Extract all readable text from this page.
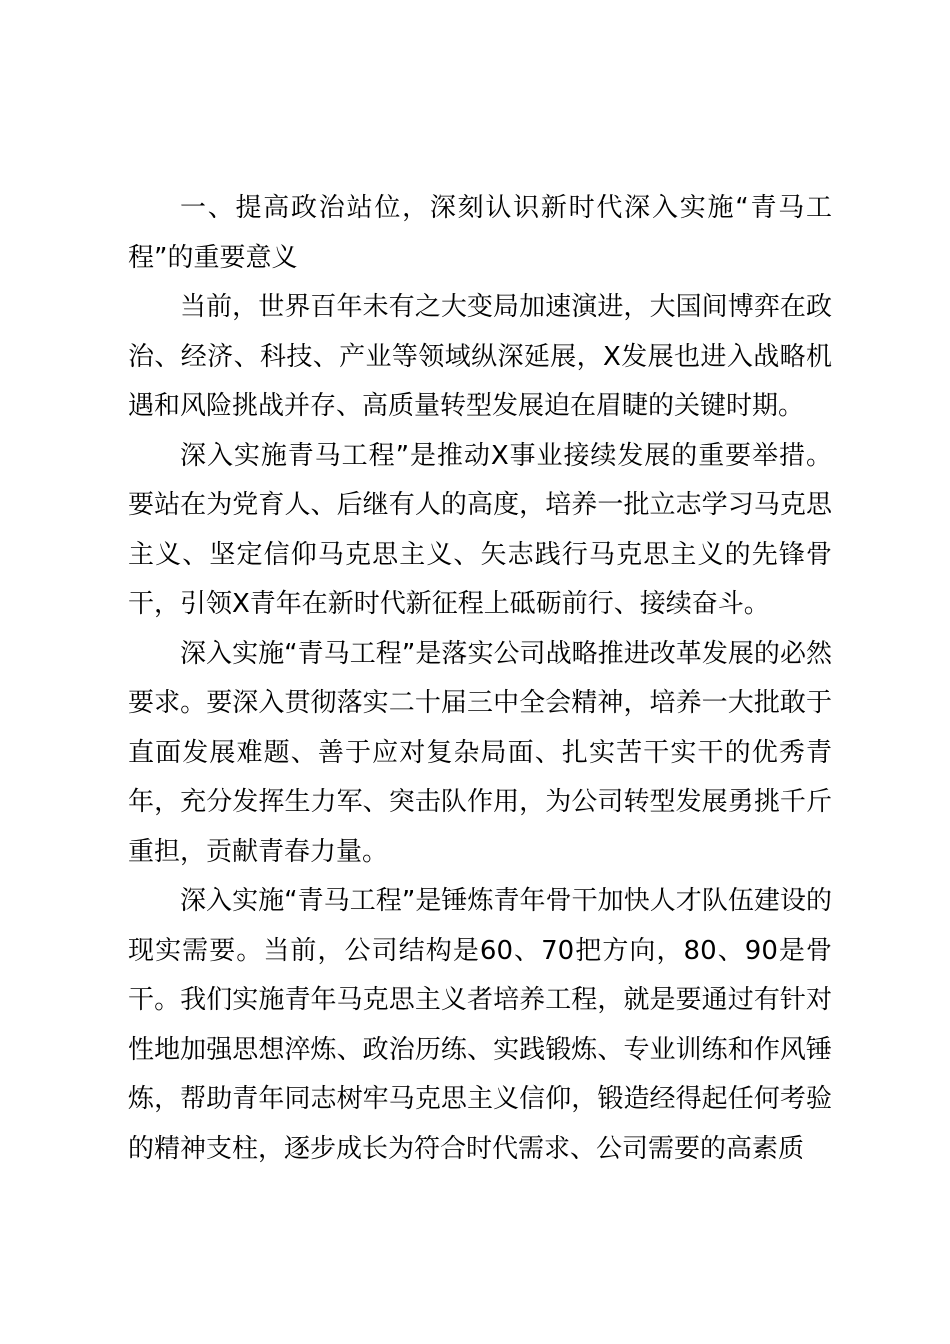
一、提高政治站位，深刻认识新时代深入实施“青马工程”的重要意义

当前，世界百年未有之大变局加速演进，大国间博弈在政治、经济、科技、产业等领域纵深延展，X发展也进入战略机遇和风险挑战并存、高质量转型发展迫在眉睫的关键时期。

深入实施青马工程”是推动X事业接续发展的重要举措。要站在为党育人、后继有人的高度，培养一批立志学习马克思主义、坚定信仰马克思主义、矢志践行马克思主义的先锋骨干，引领X青年在新时代新征程上砥砺前行、接续奋斗。

深入实施“青马工程”是落实公司战略推进改革发展的必然要求。要深入贯彻落实二十届三中全会精神，培养一大批敢于直面发展难题、善于应对复杂局面、扎实苦干实干的优秀青年，充分发挥生力军、突击队作用，为公司转型发展勇挑千斤重担，贡献青春力量。

深入实施“青马工程”是锤炼青年骨干加快人才队伍建设的现实需要。当前，公司结构是60、70把方向，80、90是骨干。我们实施青年马克思主义者培养工程，就是要通过有针对性地加强思想淬炼、政治历练、实践锻炼、专业训练和作风锤炼，帮助青年同志树牢马克思主义信仰，锻造经得起任何考验的精神支柱，逐步成长为符合时代需求、公司需要的高素质
